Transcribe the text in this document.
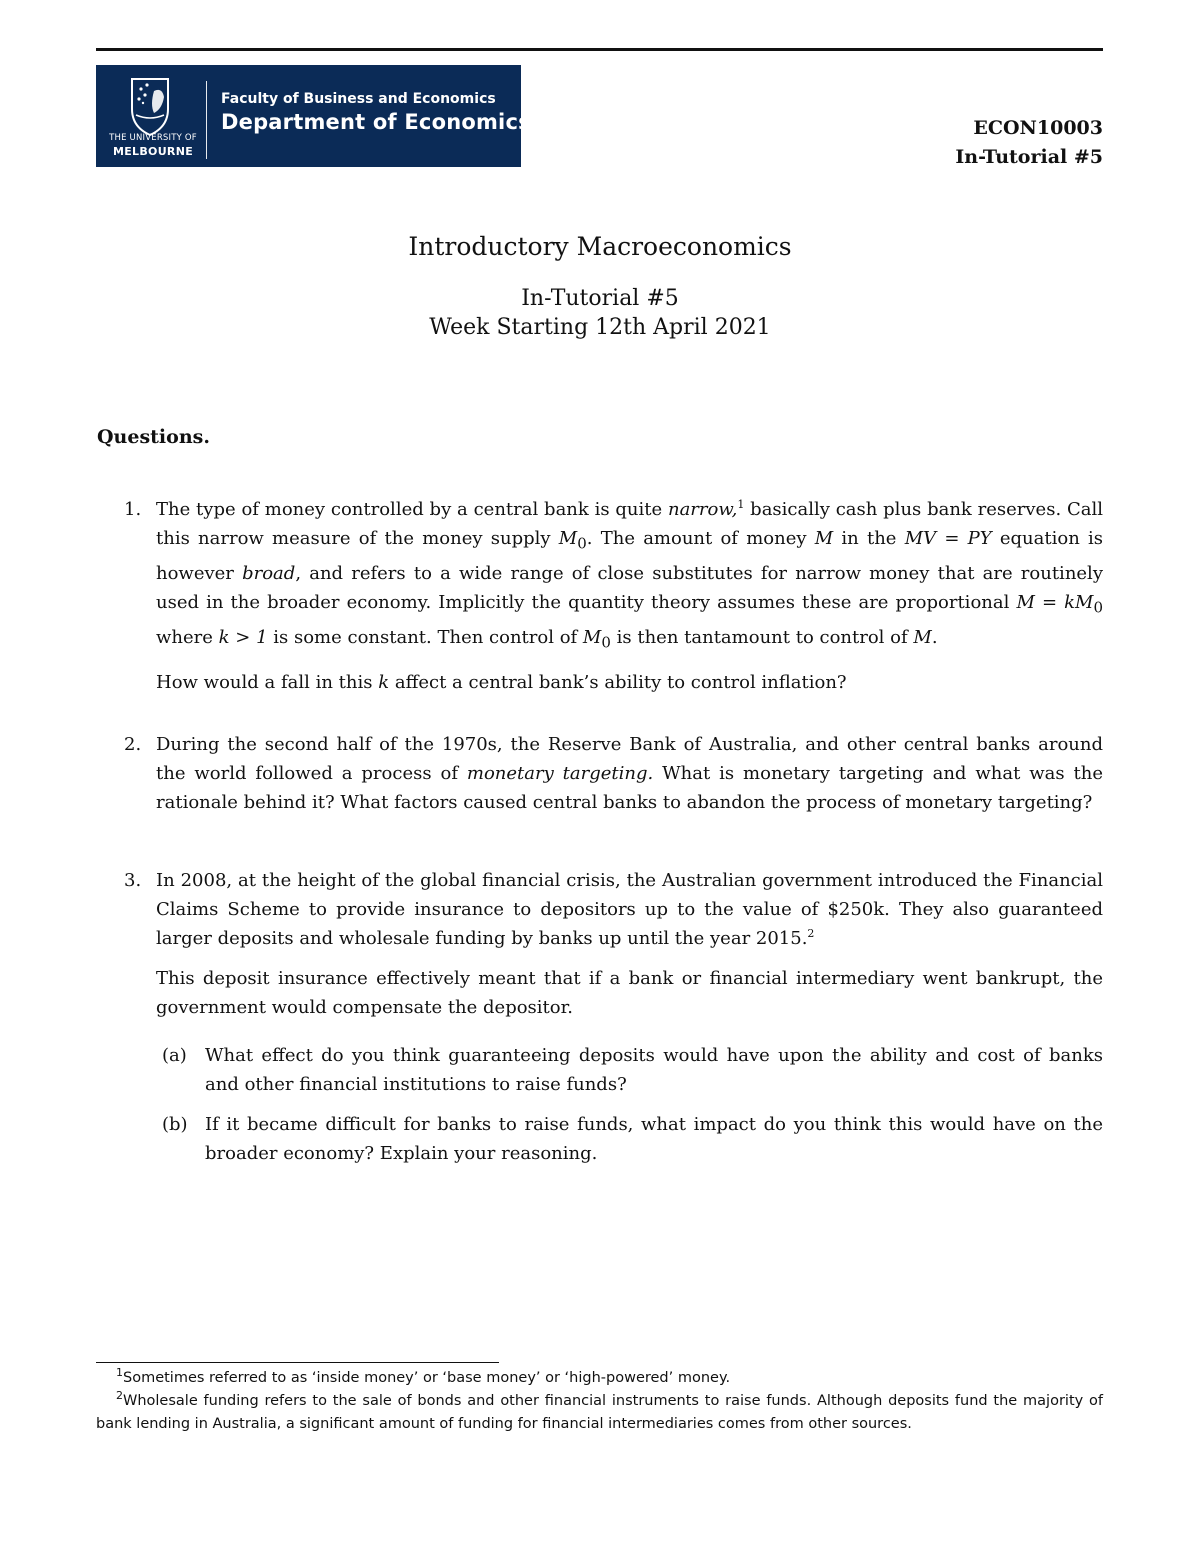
THE UNIVERSITY OF
MELBOURNE
Faculty of Business and Economics
Department of Economics	ECON10003
In-Tutorial #5
Introductory Macroeconomics
In-Tutorial #5
Week Starting 12th April 2021
Questions.
1. The type of money controlled by a central bank is quite narrow,$^1$ basically cash plus bank reserves. Call this narrow measure of the money supply $M_0$. The amount of money M in the MV = PY equation is however broad, and refers to a wide range of close substitutes for narrow money that are routinely used in the broader economy. Implicitly the quantity theory assumes these are proportional $M = kM_0$ where k > 1 is some constant. Then control of $M_0$ is then tantamount to control of M.

How would a fall in this k affect a central bank’s ability to control inflation?

2. During the second half of the 1970s, the Reserve Bank of Australia, and other central banks around the world followed a process of monetary targeting. What is monetary targeting and what was the rationale behind it? What factors caused central banks to abandon the process of monetary targeting?

3. In 2008, at the height of the global financial crisis, the Australian government introduced the Financial Claims Scheme to provide insurance to depositors up to the value of $250k. They also guaranteed larger deposits and wholesale funding by banks up until the year 2015.$^2$

This deposit insurance effectively meant that if a bank or financial intermediary went bankrupt, the government would compensate the depositor.

(a) What effect do you think guaranteeing deposits would have upon the ability and cost of banks and other financial institutions to raise funds?
(b) If it became difficult for banks to raise funds, what impact do you think this would have on the broader economy? Explain your reasoning.
$^1$Sometimes referred to as ‘inside money’ or ‘base money’ or ‘high-powered’ money.
$^2$Wholesale funding refers to the sale of bonds and other financial instruments to raise funds. Although deposits fund the majority of bank lending in Australia, a significant amount of funding for financial intermediaries comes from other sources.
